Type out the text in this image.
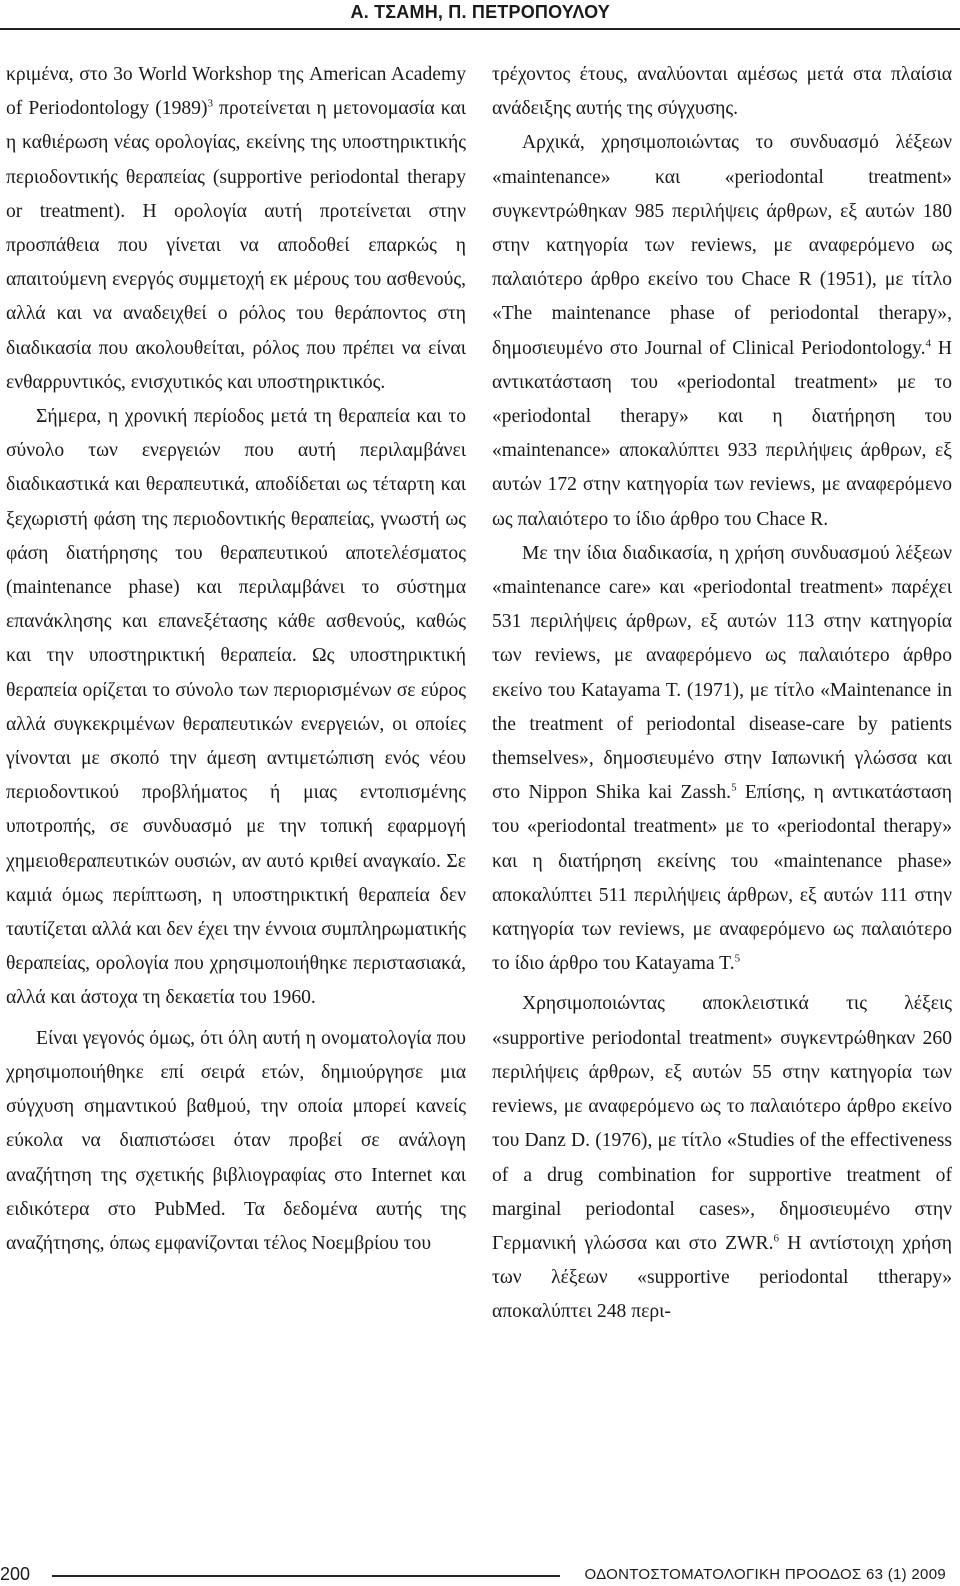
Α. ΤΣΑΜΗ, Π. ΠΕΤΡΟΠΟΥΛΟΥ

κριμένα, στο 3ο World Workshop της American Academy of Periodontology $(1989)^3$ προτείνεται η μετονομασία και η καθιέρωση νέας ορολογίας, εκείνης της υποστηρικτικής περιοδοντικής θεραπείας (supportive periodontal therapy or treatment). Η ορολογία αυτή προτείνεται στην προσπάθεια που γίνεται να αποδοθεί επαρκώς η απαιτούμενη ενεργός συμμετοχή εκ μέρους του ασθενούς, αλλά και να αναδειχθεί ο ρόλος του θεράποντος στη διαδικασία που ακολουθείται, ρόλος που πρέπει να είναι ενθαρρυντικός, ενισχυτικός και υποστηρικτικός.

Σήμερα, η χρονική περίοδος μετά τη θεραπεία και το σύνολο των ενεργειών που αυτή περιλαμβάνει διαδικαστικά και θεραπευτικά, αποδίδεται ως τέταρτη και ξεχωριστή φάση της περιοδοντικής θεραπείας, γνωστή ως φάση διατήρησης του θεραπευτικού αποτελέσματος (maintenance phase) και περιλαμβάνει το σύστημα επανάκλησης και επανεξέτασης κάθε ασθενούς, καθώς και την υποστηρικτική θεραπεία. Ως υποστηρικτική θεραπεία ορίζεται το σύνολο των περιορισμένων σε εύρος αλλά συγκεκριμένων θεραπευτικών ενεργειών, οι οποίες γίνονται με σκοπό την άμεση αντιμετώπιση ενός νέου περιοδοντικού προβλήματος ή μιας εντοπισμένης υποτροπής, σε συνδυασμό με την τοπική εφαρμογή χημειοθεραπευτικών ουσιών, αν αυτό κριθεί αναγκαίο. Σε καμιά όμως περίπτωση, η υποστηρικτική θεραπεία δεν ταυτίζεται αλλά και δεν έχει την έννοια συμπληρωματικής θεραπείας, ορολογία που χρησιμοποιήθηκε περιστασιακά, αλλά και άστοχα τη δεκαετία του 1960.

Είναι γεγονός όμως, ότι όλη αυτή η ονοματολογία που χρησιμοποιήθηκε επί σειρά ετών, δημιούργησε μια σύγχυση σημαντικού βαθμού, την οποία μπορεί κανείς εύκολα να διαπιστώσει όταν προβεί σε ανάλογη αναζήτηση της σχετικής βιβλιογραφίας στο Internet και ειδικότερα στο PubMed. Τα δεδομένα αυτής της αναζήτησης, όπως εμφανίζονται τέλος Νοεμβρίου του

τρέχοντος έτους, αναλύονται αμέσως μετά στα πλαίσια ανάδειξης αυτής της σύγχυσης.

Αρχικά, χρησιμοποιώντας το συνδυασμό λέξεων «maintenance» και «periodontal treatment» συγκεντρώθηκαν 985 περιλήψεις άρθρων, εξ αυτών 180 στην κατηγορία των reviews, με αναφερόμενο ως παλαιότερο άρθρο εκείνο του Chace R (1951), με τίτλο «The maintenance phase of periodontal therapy», δημοσιευμένο στο Journal of Clinical Periodontology.$^4$ Η αντικατάσταση του «periodontal treatment» με το «periodontal therapy» και η διατήρηση του «maintenance» αποκαλύπτει 933 περιλήψεις άρθρων, εξ αυτών 172 στην κατηγορία των reviews, με αναφερόμενο ως παλαιότερο το ίδιο άρθρο του Chace R.

Με την ίδια διαδικασία, η χρήση συνδυασμού λέξεων «maintenance care» και «periodontal treatment» παρέχει 531 περιλήψεις άρθρων, εξ αυτών 113 στην κατηγορία των reviews, με αναφερόμενο ως παλαιότερο άρθρο εκείνο του Katayama T. (1971), με τίτλο «Maintenance in the treatment of periodontal disease-care by patients themselves», δημοσιευμένο στην Ιαπωνική γλώσσα και στο Nippon Shika kai Zassh.$^5$ Επίσης, η αντικατάσταση του «periodontal treatment» με το «periodontal therapy» και η διατήρηση εκείνης του «maintenance phase» αποκαλύπτει 511 περιλήψεις άρθρων, εξ αυτών 111 στην κατηγορία των reviews, με αναφερόμενο ως παλαιότερο το ίδιο άρθρο του Katayama T.$^5$

Χρησιμοποιώντας αποκλειστικά τις λέξεις «supportive periodontal treatment» συγκεντρώθηκαν 260 περιλήψεις άρθρων, εξ αυτών 55 στην κατηγορία των reviews, με αναφερόμενο ως το παλαιότερο άρθρο εκείνο του Danz D. (1976), με τίτλο «Studies of the effectiveness of a drug combination for supportive treatment of marginal periodontal cases», δημοσιευμένο στην Γερμανική γλώσσα και στο ZWR.$^6$ Η αντίστοιχη χρήση των λέξεων «supportive periodontal ttherapy» αποκαλύπτει 248 περι-

200	ΟΔΟΝΤΟΣΤΟΜΑΤΟΛΟΓΙΚΗ ΠΡΟΟΔΟΣ 63 (1) 2009
